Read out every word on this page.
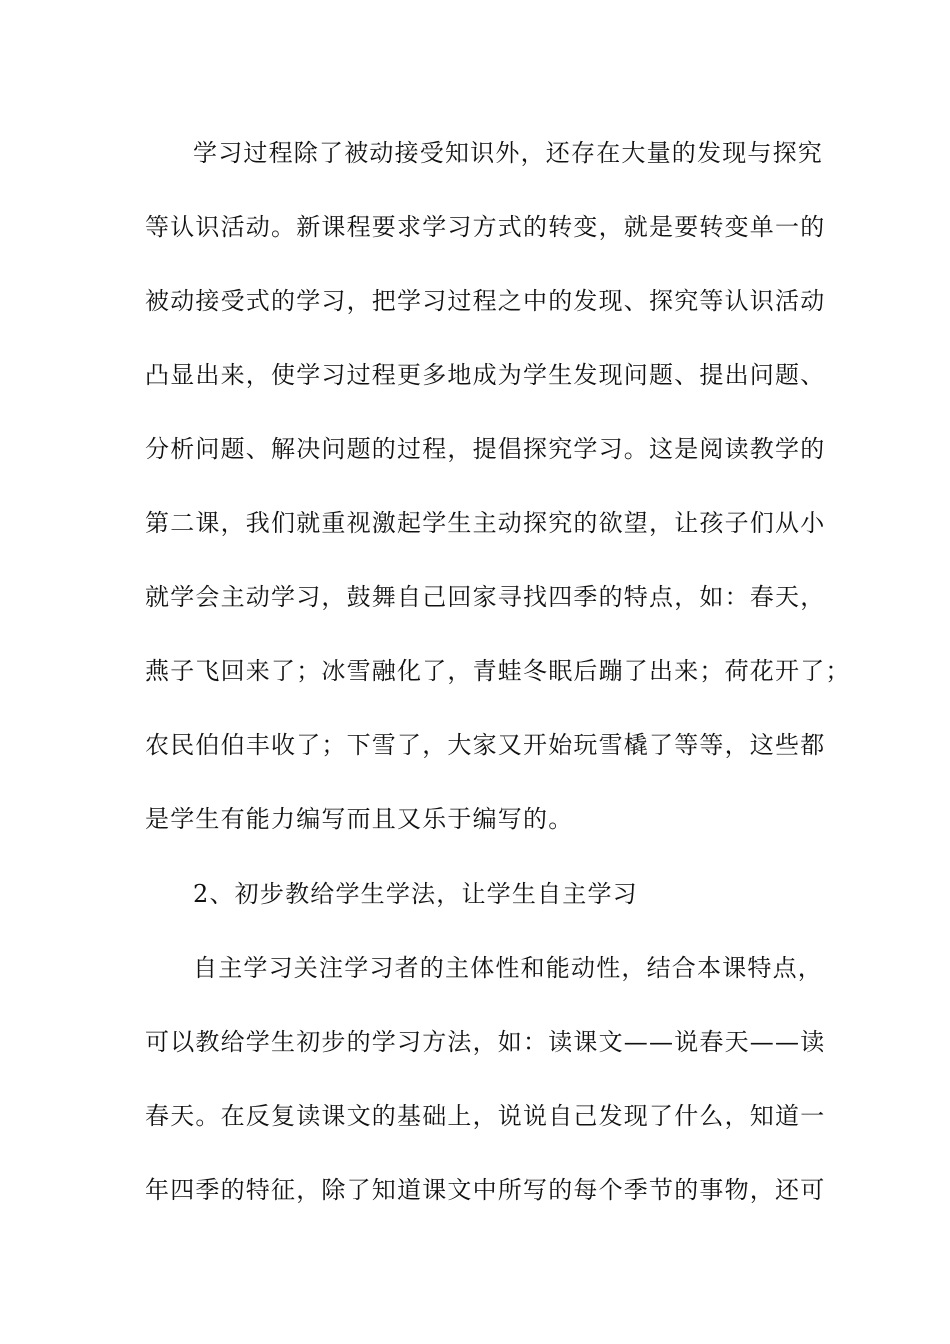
学习过程除了被动接受知识外，还存在大量的发现与探究
等认识活动。新课程要求学习方式的转变，就是要转变单一的
被动接受式的学习，把学习过程之中的发现、探究等认识活动
凸显出来，使学习过程更多地成为学生发现问题、提出问题、
分析问题、解决问题的过程，提倡探究学习。这是阅读教学的
第二课，我们就重视激起学生主动探究的欲望，让孩子们从小
就学会主动学习，鼓舞自己回家寻找四季的特点，如：春天，
燕子飞回来了；冰雪融化了，青蛙冬眠后蹦了出来；荷花开了；
农民伯伯丰收了；下雪了，大家又开始玩雪橇了等等，这些都
是学生有能力编写而且又乐于编写的。
2、初步教给学生学法，让学生自主学习
自主学习关注学习者的主体性和能动性，结合本课特点，
可以教给学生初步的学习方法，如：读课文——说春天——读
春天。在反复读课文的基础上，说说自己发现了什么，知道一
年四季的特征，除了知道课文中所写的每个季节的事物，还可
